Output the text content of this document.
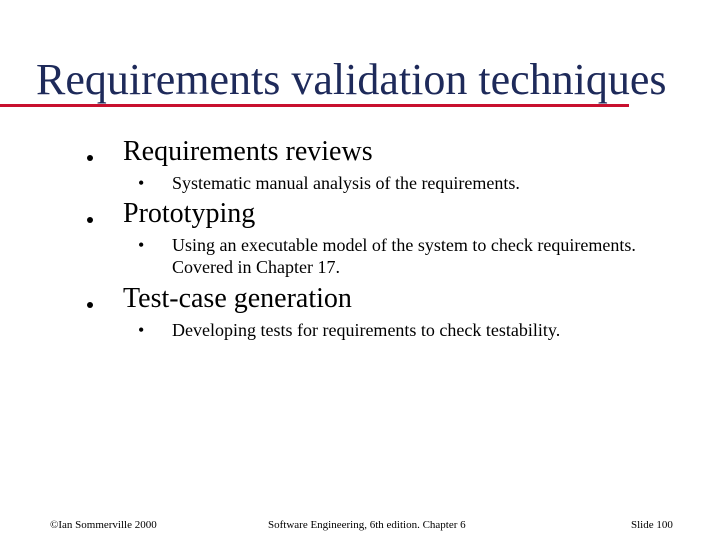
Requirements validation techniques
Requirements reviews
• Systematic manual analysis of the requirements.
Prototyping
• Using an executable model of the system to check requirements.
Covered in Chapter 17.
Test-case generation
• Developing tests for requirements to check testability.
©Ian Sommerville 2000	Software Engineering, 6th edition. Chapter 6	Slide 100
